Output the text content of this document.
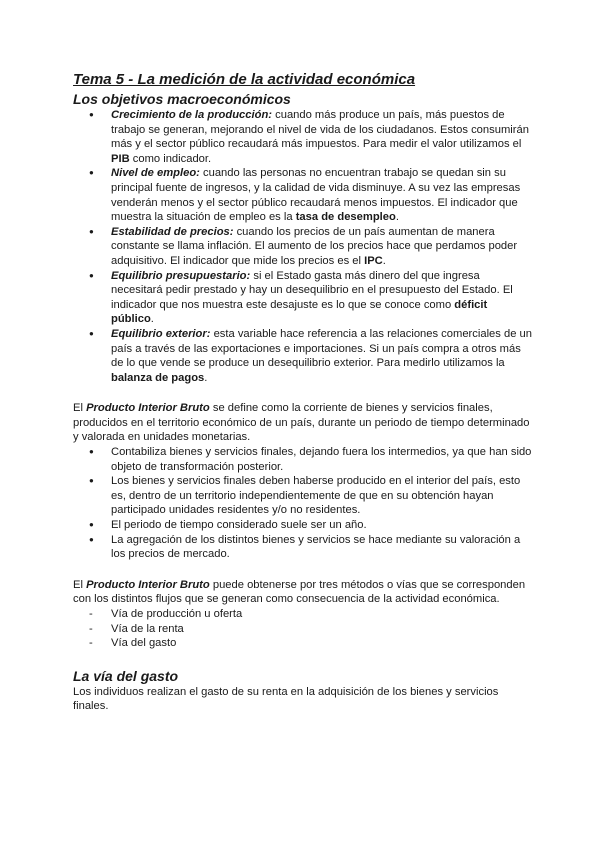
Tema 5 - La medición de la actividad económica
Los objetivos macroeconómicos
● Crecimiento de la producción: cuando más produce un país, más puestos de trabajo se generan, mejorando el nivel de vida de los ciudadanos. Estos consumirán más y el sector público recaudará más impuestos. Para medir el valor utilizamos el PIB como indicador.
● Nivel de empleo: cuando las personas no encuentran trabajo se quedan sin su principal fuente de ingresos, y la calidad de vida disminuye. A su vez las empresas venderán menos y el sector público recaudará menos impuestos. El indicador que muestra la situación de empleo es la tasa de desempleo.
● Estabilidad de precios: cuando los precios de un país aumentan de manera constante se llama inflación. El aumento de los precios hace que perdamos poder adquisitivo. El indicador que mide los precios es el IPC.
● Equilibrio presupuestario: si el Estado gasta más dinero del que ingresa necesitará pedir prestado y hay un desequilibrio en el presupuesto del Estado. El indicador que nos muestra este desajuste es lo que se conoce como déficit público.
● Equilibrio exterior: esta variable hace referencia a las relaciones comerciales de un país a través de las exportaciones e importaciones. Si un país compra a otros más de lo que vende se produce un desequilibrio exterior. Para medirlo utilizamos la balanza de pagos.

El Producto Interior Bruto se define como la corriente de bienes y servicios finales, producidos en el territorio económico de un país, durante un periodo de tiempo determinado y valorada en unidades monetarias.

● Contabiliza bienes y servicios finales, dejando fuera los intermedios, ya que han sido objeto de transformación posterior.
● Los bienes y servicios finales deben haberse producido en el interior del país, esto es, dentro de un territorio independientemente de que en su obtención hayan participado unidades residentes y/o no residentes.
● El periodo de tiempo considerado suele ser un año.
● La agregación de los distintos bienes y servicios se hace mediante su valoración a los precios de mercado.

El Producto Interior Bruto puede obtenerse por tres métodos o vías que se corresponden con los distintos flujos que se generan como consecuencia de la actividad económica.

- Vía de producción u oferta
- Vía de la renta
- Vía del gasto
La vía del gasto

Los individuos realizan el gasto de su renta en la adquisición de los bienes y servicios finales.
